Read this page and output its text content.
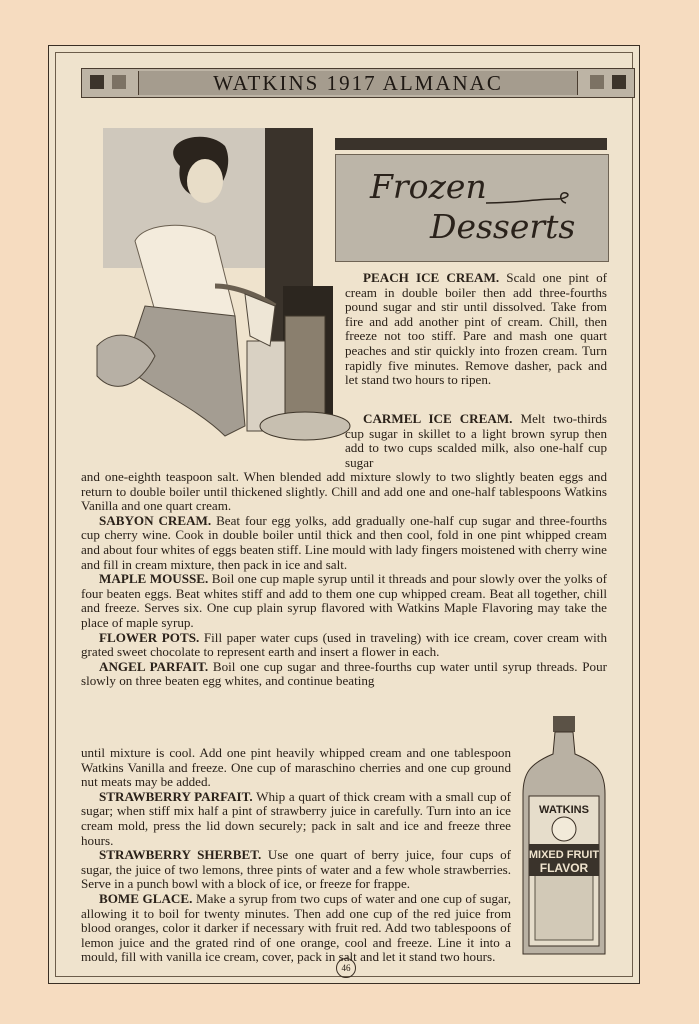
WATKINS 1917 ALMANAC
Frozen
Desserts

PEACH ICE CREAM. Scald one pint of cream in double boiler then add three-fourths pound sugar and stir until dissolved. Take from fire and add another pint of cream. Chill, then freeze not too stiff. Pare and mash one quart peaches and stir quickly into frozen cream. Turn rapidly five minutes. Remove dasher, pack and let stand two hours to ripen.

CARMEL ICE CREAM. Melt two-thirds cup sugar in skillet to a light brown syrup then add to two cups scalded milk, also one-half cup sugar

and one-eighth teaspoon salt. When blended add mixture slowly to two slightly beaten eggs and return to double boiler until thickened slightly. Chill and add one and one-half tablespoons Watkins Vanilla and one quart cream.

SABYON CREAM. Beat four egg yolks, add gradually one-half cup sugar and three-fourths cup cherry wine. Cook in double boiler until thick and then cool, fold in one pint whipped cream and about four whites of eggs beaten stiff. Line mould with lady fingers moistened with cherry wine and fill in cream mixture, then pack in ice and salt.

MAPLE MOUSSE. Boil one cup maple syrup until it threads and pour slowly over the yolks of four beaten eggs. Beat whites stiff and add to them one cup whipped cream. Beat all together, chill and freeze. Serves six. One cup plain syrup flavored with Watkins Maple Flavoring may take the place of maple syrup.

FLOWER POTS. Fill paper water cups (used in traveling) with ice cream, cover cream with grated sweet chocolate to represent earth and insert a flower in each.

ANGEL PARFAIT. Boil one cup sugar and three-fourths cup water until syrup threads. Pour slowly on three beaten egg whites, and continue beating

until mixture is cool. Add one pint heavily whipped cream and one tablespoon Watkins Vanilla and freeze. One cup of maraschino cherries and one cup ground nut meats may be added.

STRAWBERRY PARFAIT. Whip a quart of thick cream with a small cup of sugar; when stiff mix half a pint of strawberry juice in carefully. Turn into an ice cream mold, press the lid down securely; pack in salt and ice and freeze three hours.

STRAWBERRY SHERBET. Use one quart of berry juice, four cups of sugar, the juice of two lemons, three pints of water and a few whole strawberries. Serve in a punch bowl with a block of ice, or freeze for frappe.

BOME GLACE. Make a syrup from two cups of water and one cup of sugar, allowing it to boil for twenty minutes. Then add one cup of the red juice from blood oranges, color it darker if necessary with fruit red. Add two tablespoons of lemon juice and the grated rind of one orange, cool and freeze. Line it into a mould, fill with vanilla ice cream, cover, pack in salt and let it stand two hours.

WATKINS
MIXED FRUIT
FLAVOR
46
